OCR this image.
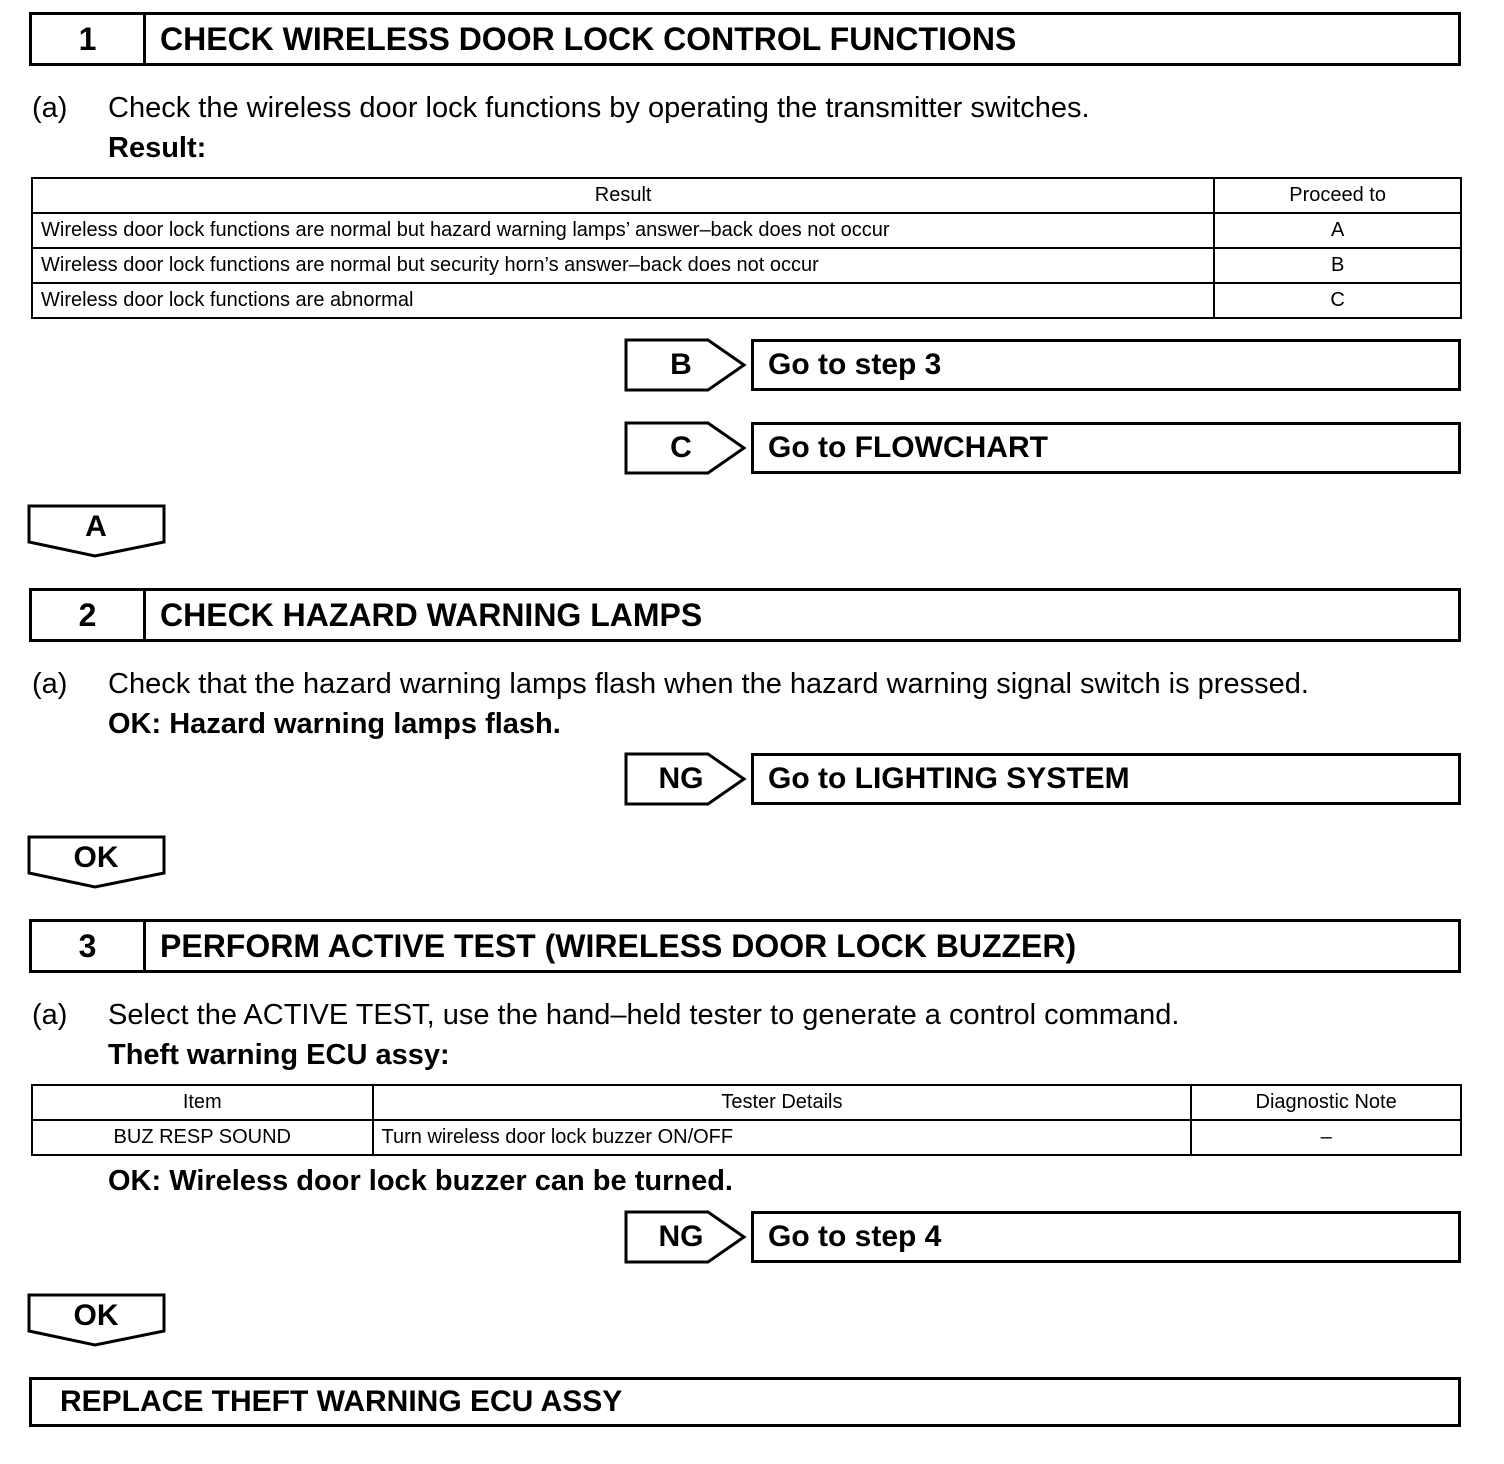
1	CHECK WIRELESS DOOR LOCK CONTROL FUNCTIONS
(a) Check the wireless door lock functions by operating the transmitter switches.
Result:
Result	Proceed to
Wireless door lock functions are normal but hazard warning lamps’ answer–back does not occur	A
Wireless door lock functions are normal but security horn’s answer–back does not occur	B
Wireless door lock functions are abnormal	C
B	Go to step 3
C	Go to FLOWCHART
A
2	CHECK HAZARD WARNING LAMPS
(a) Check that the hazard warning lamps flash when the hazard warning signal switch is pressed.
OK: Hazard warning lamps flash.
NG	Go to LIGHTING SYSTEM
OK
3	PERFORM ACTIVE TEST (WIRELESS DOOR LOCK BUZZER)
(a) Select the ACTIVE TEST, use the hand–held tester to generate a control command.
Theft warning ECU assy:
Item	Tester Details	Diagnostic Note
BUZ RESP SOUND	Turn wireless door lock buzzer ON/OFF	–
OK: Wireless door lock buzzer can be turned.
NG	Go to step 4
OK
REPLACE THEFT WARNING ECU ASSY
